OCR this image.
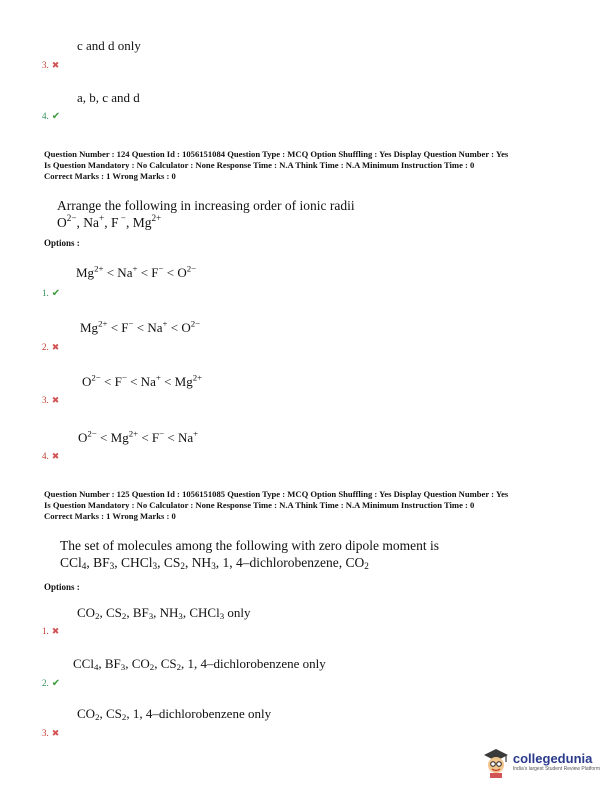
c and d only
3. ✖
a, b, c and d
4. ✔
Question Number : 124 Question Id : 1056151084 Question Type : MCQ Option Shuffling : Yes Display Question Number : Yes
Is Question Mandatory : No Calculator : None Response Time : N.A Think Time : N.A Minimum Instruction Time : 0
Correct Marks : 1 Wrong Marks : 0
Arrange the following in increasing order of ionic radii
$O^{2-}$, Na+, F −, $Mg^{2+}$
Options :
$Mg^{2+} < Na^+ < F^- < O^{2-}$
1. ✔
$Mg^{2+} < F^- < Na^+ < O^{2-}$
2. ✖
$O^{2-} < F^- < Na^+ < Mg^{2+}$
3. ✖
$O^{2-} < Mg^{2+} < F^- < Na^+$
4. ✖
Question Number : 125 Question Id : 1056151085 Question Type : MCQ Option Shuffling : Yes Display Question Number : Yes
Is Question Mandatory : No Calculator : None Response Time : N.A Think Time : N.A Minimum Instruction Time : 0
Correct Marks : 1 Wrong Marks : 0
The set of molecules among the following with zero dipole moment is
CCl$_4$, $BF_3$, CHCl$_3$, $CS_2$, $NH_3$, 1, 4–dichlorobenzene, $CO_2$
Options :
$CO_2$, $CS_2$, $BF_3$, $NH_3$, CHCl$_3$ only
1. ✖
CCl$_4$, $BF_3$, $CO_2$, $CS_2$, 1, 4–dichlorobenzene only
2. ✔
$CO_2$, $CS_2$, 1, 4–dichlorobenzene only
3. ✖
collegedunia
India's largest Student Review Platform
